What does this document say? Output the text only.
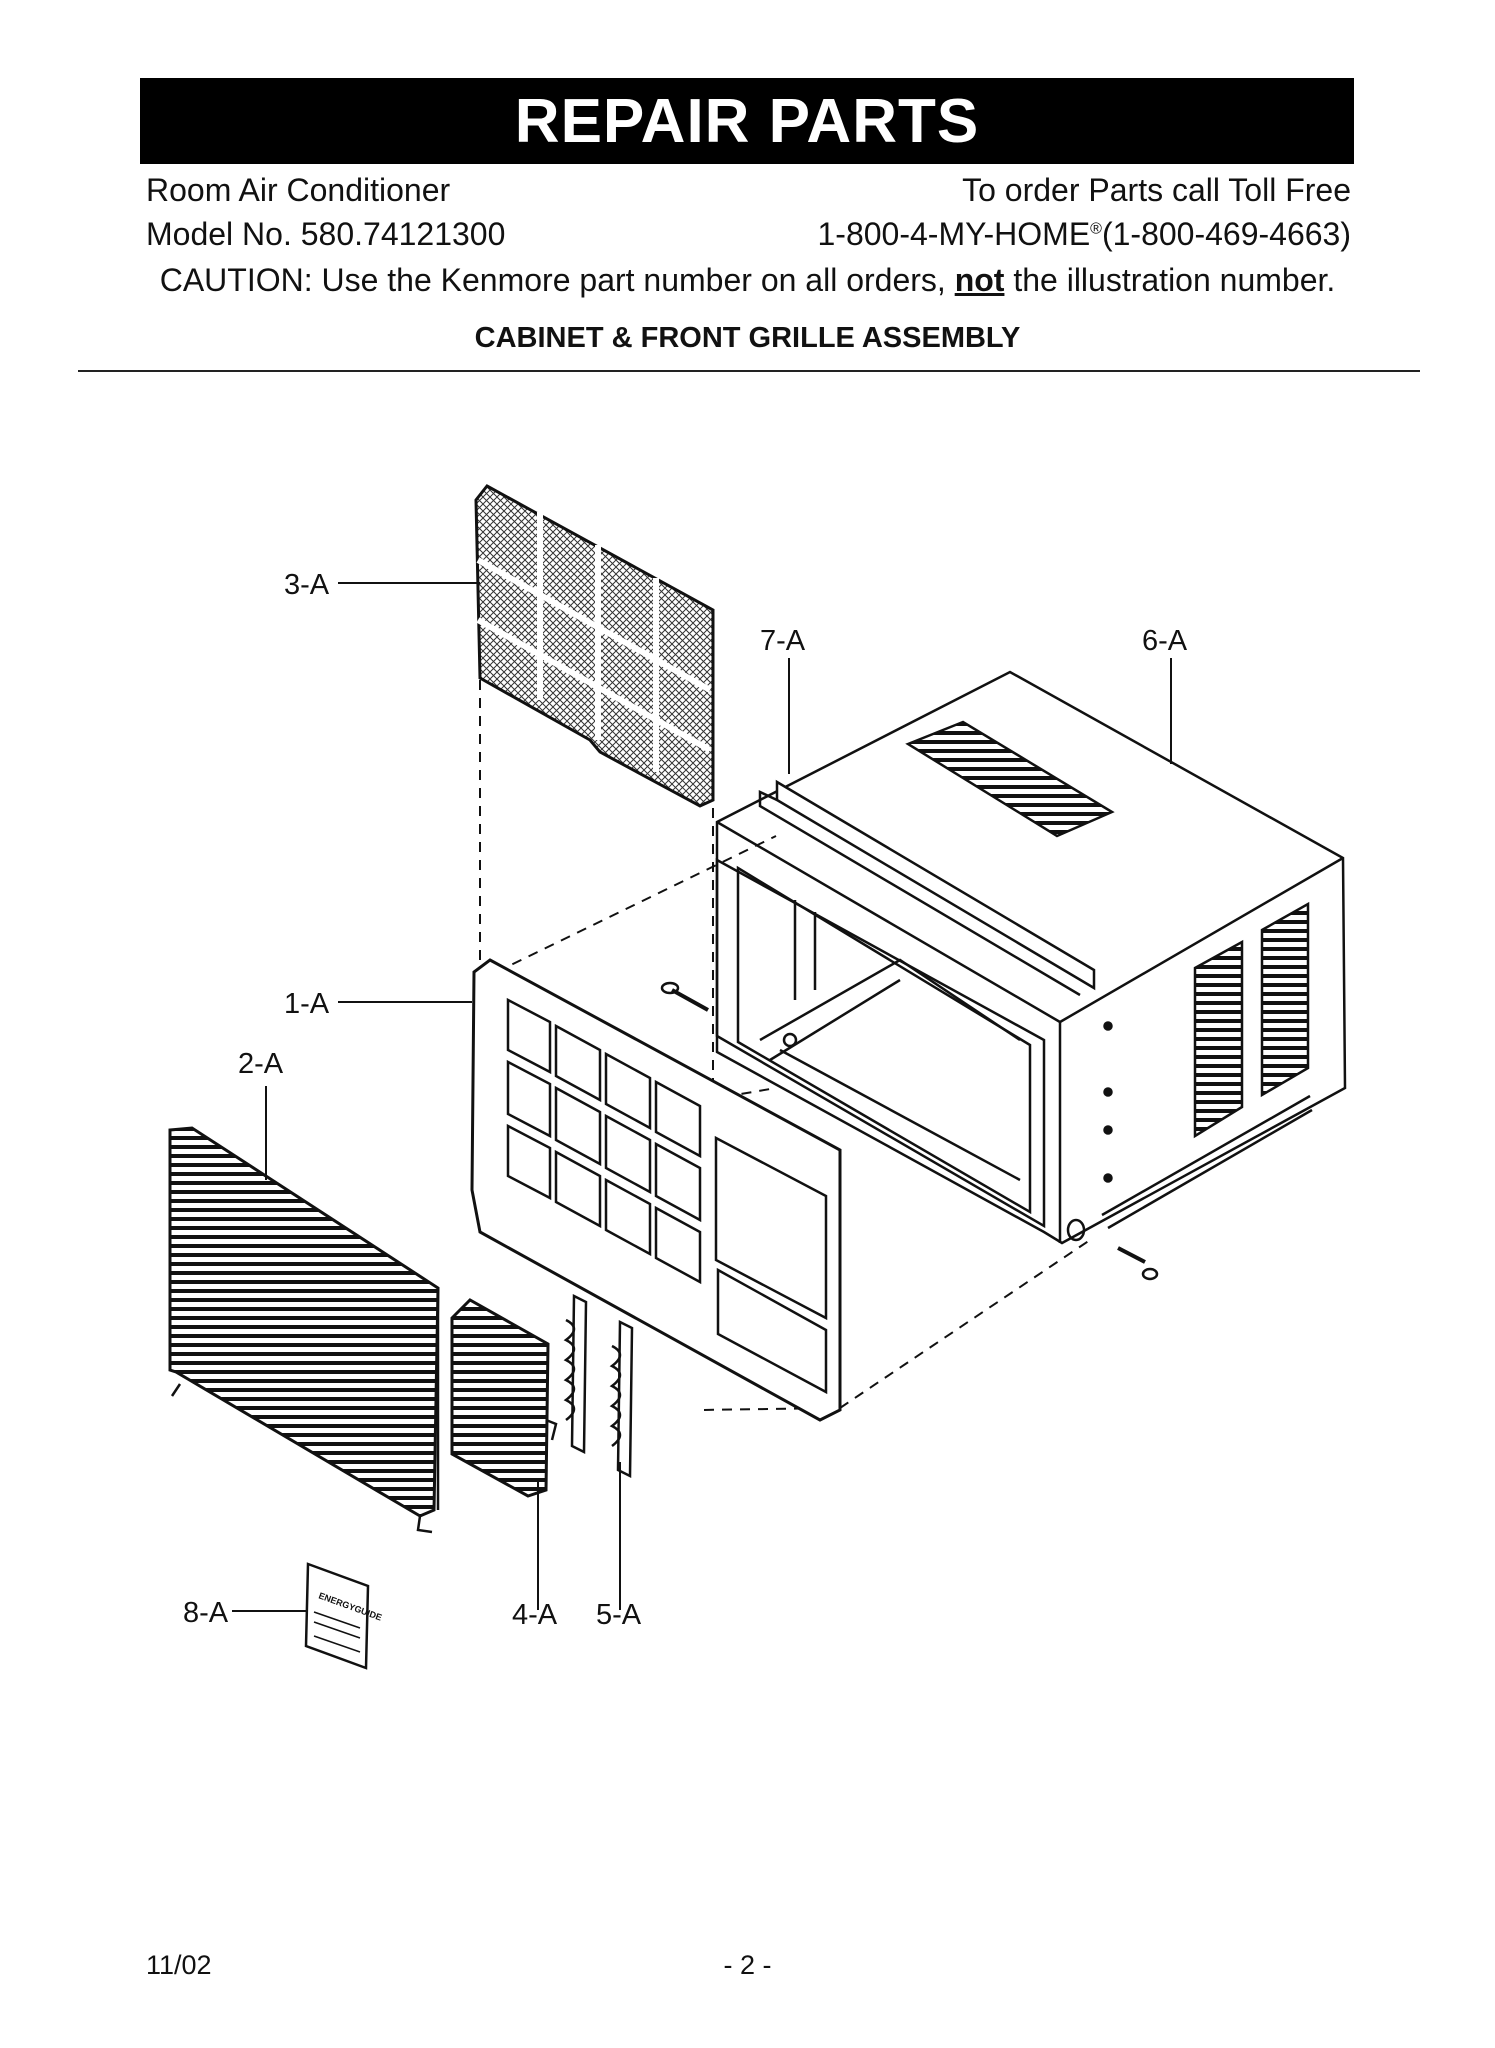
REPAIR PARTS
Room Air Conditioner	To order Parts call Toll Free
Model No. 580.74121300	1-800-4-MY-HOME®(1-800-469-4663)
CAUTION: Use the Kenmore part number on all orders, not the illustration number.
CABINET & FRONT GRILLE ASSEMBLY
ENERGYGUIDE
3-A
7-A	6-A
1-A
2-A
8-A	4-A 5-A
11/02	- 2 -
